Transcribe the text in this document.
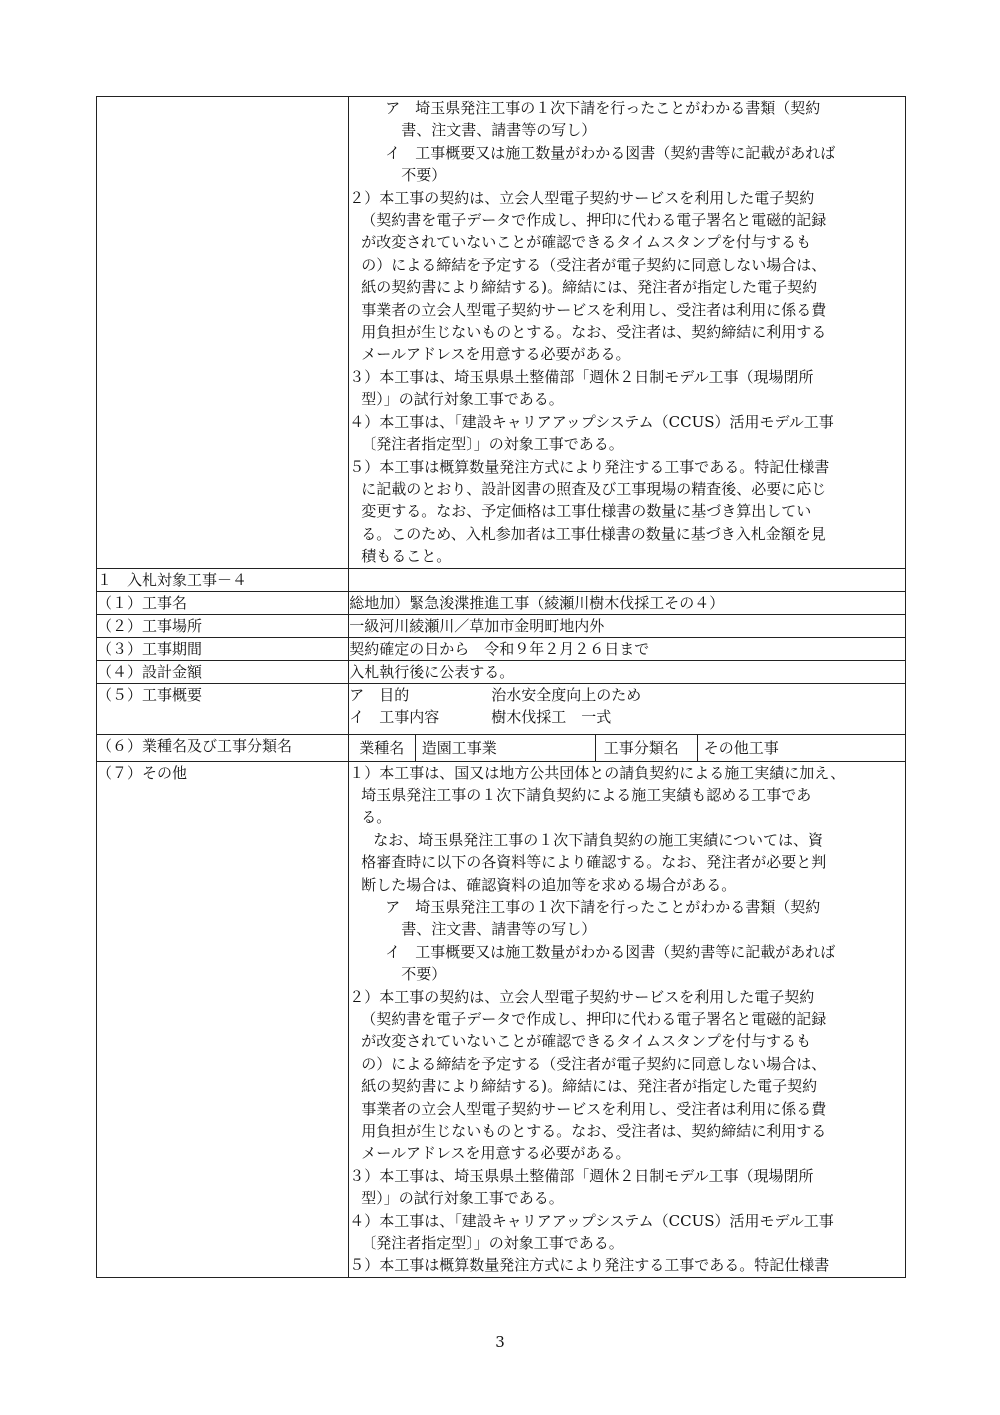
ア　埼玉県発注工事の１次下請を行ったことがわかる書類（契約

書、注文書、請書等の写し）

イ　工事概要又は施工数量がわかる図書（契約書等に記載があれば

不要）

２）本工事の契約は、立会人型電子契約サービスを利用した電子契約

（契約書を電子データで作成し、押印に代わる電子署名と電磁的記録

が改変されていないことが確認できるタイムスタンプを付与するも

の）による締結を予定する（受注者が電子契約に同意しない場合は、

紙の契約書により締結する)。締結には、発注者が指定した電子契約

事業者の立会人型電子契約サービスを利用し、受注者は利用に係る費

用負担が生じないものとする。なお、受注者は、契約締結に利用する

メールアドレスを用意する必要がある。

３）本工事は、埼玉県県土整備部「週休２日制モデル工事（現場閉所

型）」の試行対象工事である。

４）本工事は、「建設キャリアアップシステム（CCUS）活用モデル工事

〔発注者指定型〕」の対象工事である。

５）本工事は概算数量発注方式により発注する工事である。特記仕様書

に記載のとおり、設計図書の照査及び工事現場の精査後、必要に応じ

変更する。なお、予定価格は工事仕様書の数量に基づき算出してい

る。このため、入札参加者は工事仕様書の数量に基づき入札金額を見

積もること。

１　入札対象工事－４	
（１）工事名	総地加）緊急浚渫推進工事（綾瀬川樹木伐採工その４）
（２）工事場所	一級河川綾瀬川／草加市金明町地内外
（３）工事期間	契約確定の日から　令和９年２月２６日まで
（４）設計金額	入札執行後に公表する。
（５）工事概要	ア　目的	治水安全度向上のため
イ　工事内容	樹木伐採工　一式

（６）業種名及び工事分類名		業種名	造園工事業	工事分類名	その他工事

（７）その他	１）本工事は、国又は地方公共団体との請負契約による施工実績に加え、

埼玉県発注工事の１次下請負契約による施工実績も認める工事であ

る。

なお、埼玉県発注工事の１次下請負契約の施工実績については、資

格審査時に以下の各資料等により確認する。なお、発注者が必要と判

断した場合は、確認資料の追加等を求める場合がある。

ア　埼玉県発注工事の１次下請を行ったことがわかる書類（契約

書、注文書、請書等の写し）

イ　工事概要又は施工数量がわかる図書（契約書等に記載があれば

不要）

２）本工事の契約は、立会人型電子契約サービスを利用した電子契約

（契約書を電子データで作成し、押印に代わる電子署名と電磁的記録

が改変されていないことが確認できるタイムスタンプを付与するも

の）による締結を予定する（受注者が電子契約に同意しない場合は、

紙の契約書により締結する)。締結には、発注者が指定した電子契約

事業者の立会人型電子契約サービスを利用し、受注者は利用に係る費

用負担が生じないものとする。なお、受注者は、契約締結に利用する

メールアドレスを用意する必要がある。

３）本工事は、埼玉県県土整備部「週休２日制モデル工事（現場閉所

型）」の試行対象工事である。

４）本工事は、「建設キャリアアップシステム（CCUS）活用モデル工事

〔発注者指定型〕」の対象工事である。

５）本工事は概算数量発注方式により発注する工事である。特記仕様書

3
